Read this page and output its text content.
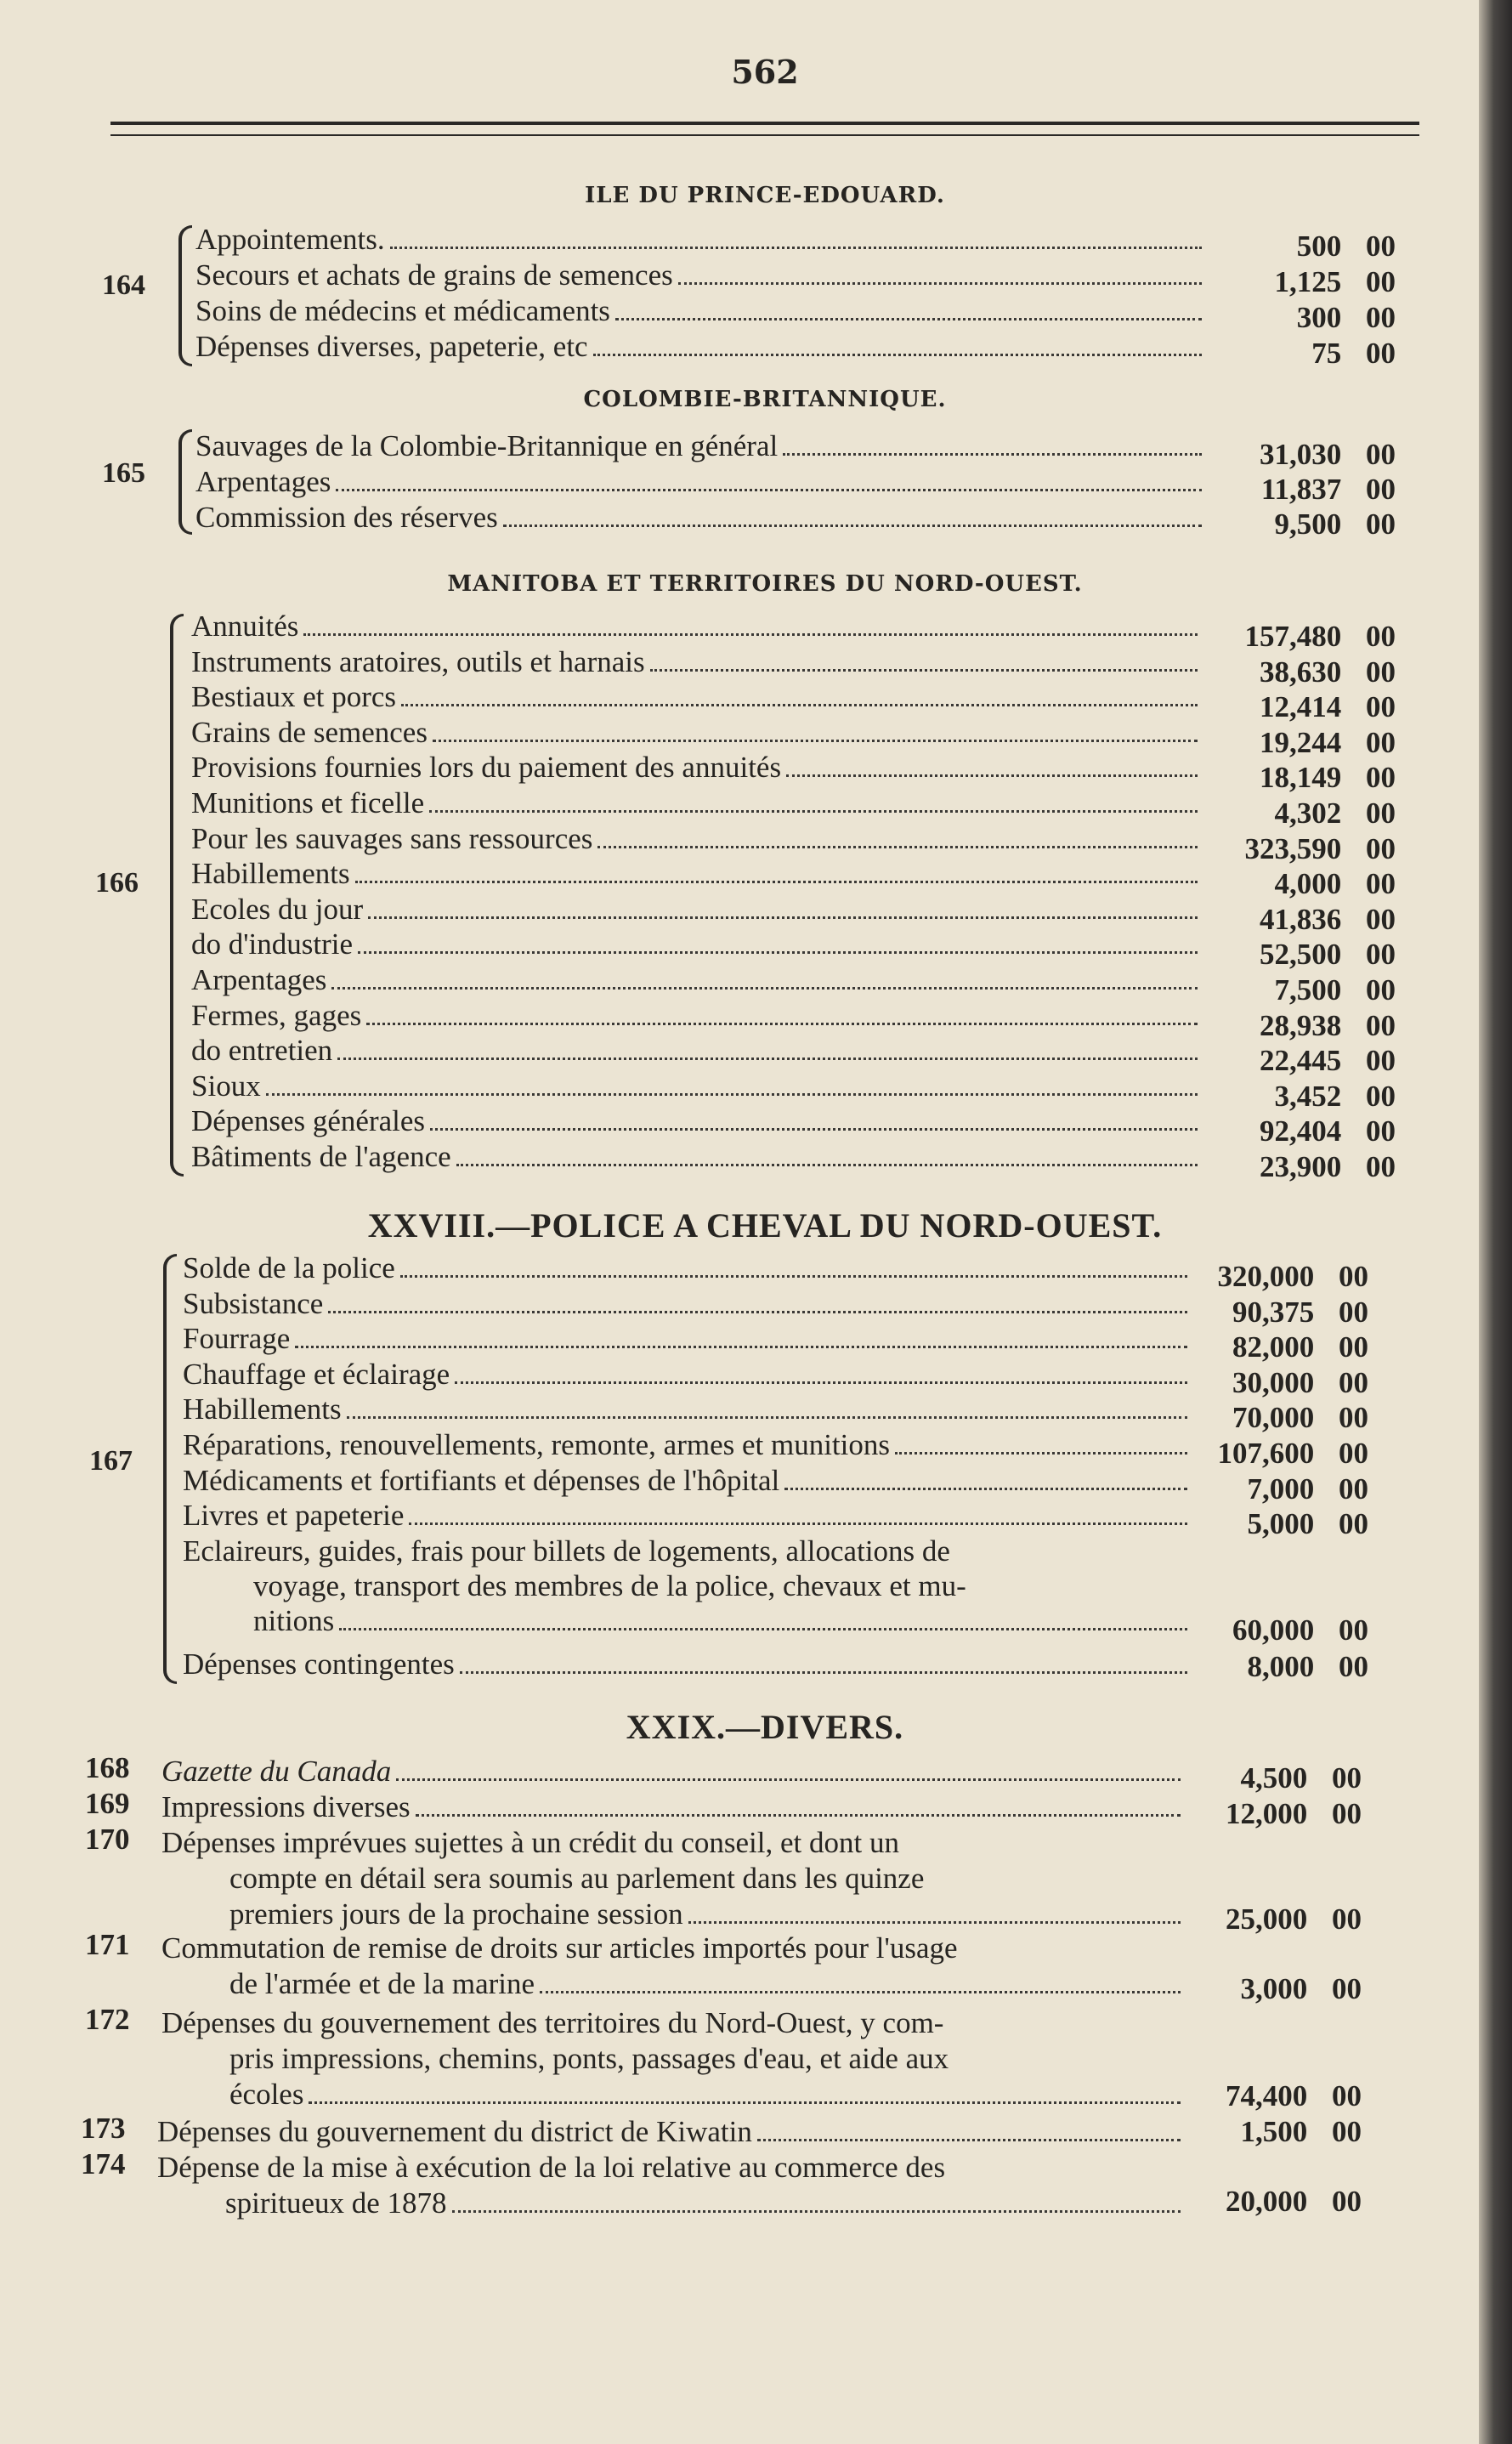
562
ILE DU PRINCE-EDOUARD.
164
Appointements.	500 00
Secours et achats de grains de semences	1,125 00
Soins de médecins et médicaments	300 00
Dépenses diverses, papeterie, etc	75 00
COLOMBIE-BRITANNIQUE.
165
Sauvages de la Colombie-Britannique en général	31,030 00
Arpentages	11,837 00
Commission des réserves	9,500 00
MANITOBA ET TERRITOIRES DU NORD-OUEST.
166
Annuités	157,480 00
Instruments aratoires, outils et harnais	38,630 00
Bestiaux et porcs	12,414 00
Grains de semences	19,244 00
Provisions fournies lors du paiement des annuités	18,149 00
Munitions et ficelle	4,302 00
Pour les sauvages sans ressources	323,590 00
Habillements	4,000 00
Ecoles du jour	41,836 00
do d'industrie	52,500 00
Arpentages	7,500 00
Fermes, gages	28,938 00
do entretien	22,445 00
Sioux	3,452 00
Dépenses générales	92,404 00
Bâtiments de l'agence	23,900 00
XXVIII.—POLICE A CHEVAL DU NORD-OUEST.
167
Solde de la police	320,000 00
Subsistance	90,375 00
Fourrage	82,000 00
Chauffage et éclairage	30,000 00
Habillements	70,000 00
Réparations, renouvellements, remonte, armes et munitions	107,600 00
Médicaments et fortifiants et dépenses de l'hôpital	7,000 00
Livres et papeterie	5,000 00
Eclaireurs, guides, frais pour billets de logements, allocations de
voyage, transport des membres de la police, chevaux et mu-
nitions	60,000 00
Dépenses contingentes	8,000 00
XXIX.—DIVERS.
168 Gazette du Canada	4,500 00
169 Impressions diverses	12,000 00
170 Dépenses imprévues sujettes à un crédit du conseil, et dont un
compte en détail sera soumis au parlement dans les quinze
premiers jours de la prochaine session	25,000 00
171 Commutation de remise de droits sur articles importés pour l'usage
de l'armée et de la marine	3,000 00
172 Dépenses du gouvernement des territoires du Nord-Ouest, y com-
pris impressions, chemins, ponts, passages d'eau, et aide aux
écoles	74,400 00
173 Dépenses du gouvernement du district de Kiwatin	1,500 00
174 Dépense de la mise à exécution de la loi relative au commerce des
spiritueux de 1878	20,000 00
